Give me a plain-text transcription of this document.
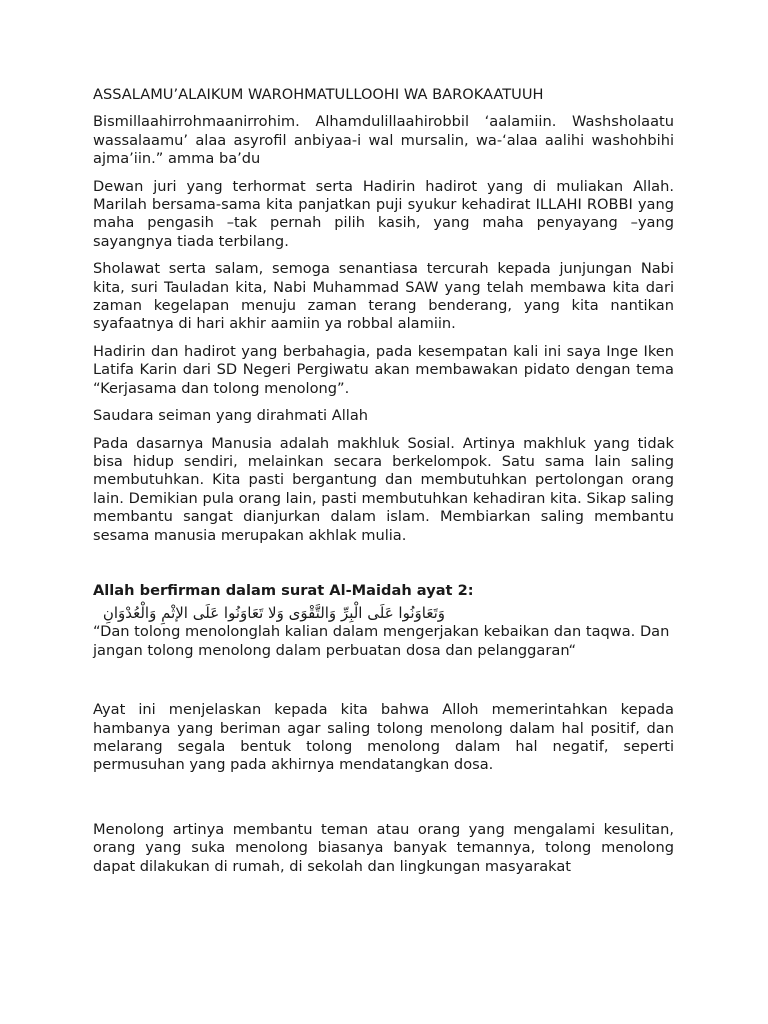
ASSALAMU’ALAIKUM WAROHMATULLOOHI WA BAROKAATUUH

Bismillaahirrohmaanirrohim. Alhamdulillaahirobbil ‘aalamiin. Washsholaatu wassalaamu’ alaa asyrofil anbiyaa-i wal mursalin, wa-‘alaa aalihi washohbihi ajma’iin.” amma ba’du

Dewan juri yang terhormat serta Hadirin hadirot yang di muliakan Allah. Marilah bersama-sama kita panjatkan puji syukur kehadirat ILLAHI ROBBI yang maha pengasih –tak pernah pilih kasih, yang maha penyayang –yang sayangnya tiada terbilang.

Sholawat serta salam, semoga senantiasa tercurah kepada junjungan Nabi kita, suri Tauladan kita, Nabi Muhammad SAW yang telah membawa kita dari zaman kegelapan menuju zaman terang benderang, yang kita nantikan syafaatnya di hari akhir aamiin ya robbal alamiin.

Hadirin dan hadirot yang berbahagia, pada kesempatan kali ini saya Inge Iken Latifa Karin dari SD Negeri Pergiwatu akan membawakan pidato dengan tema “Kerjasama dan tolong menolong”.

Saudara seiman yang dirahmati Allah

Pada dasarnya Manusia adalah makhluk Sosial. Artinya makhluk yang tidak bisa hidup sendiri, melainkan secara berkelompok. Satu sama lain saling membutuhkan. Kita pasti bergantung dan membutuhkan pertolongan orang lain. Demikian pula orang lain, pasti membutuhkan kehadiran kita. Sikap saling membantu sangat dianjurkan dalam islam. Membiarkan saling membantu sesama manusia merupakan akhlak mulia.

Allah berfirman dalam surat Al-Maidah ayat 2:

وَتَعَاوَنُوا عَلَى الْبِرِّ وَالتَّقْوَى وَلا تَعَاوَنُوا عَلَى الإثْمِ وَالْعُدْوَانِ

“Dan tolong menolonglah kalian dalam mengerjakan kebaikan dan taqwa. Dan jangan tolong menolong dalam perbuatan dosa dan pelanggaran“

Ayat ini menjelaskan kepada kita bahwa Alloh memerintahkan kepada hambanya yang beriman agar saling tolong menolong dalam hal positif, dan melarang segala bentuk tolong menolong dalam hal negatif, seperti permusuhan yang pada akhirnya mendatangkan dosa.

Menolong artinya membantu teman atau orang yang mengalami kesulitan, orang yang suka menolong biasanya banyak temannya, tolong menolong dapat dilakukan di rumah, di sekolah dan lingkungan masyarakat
